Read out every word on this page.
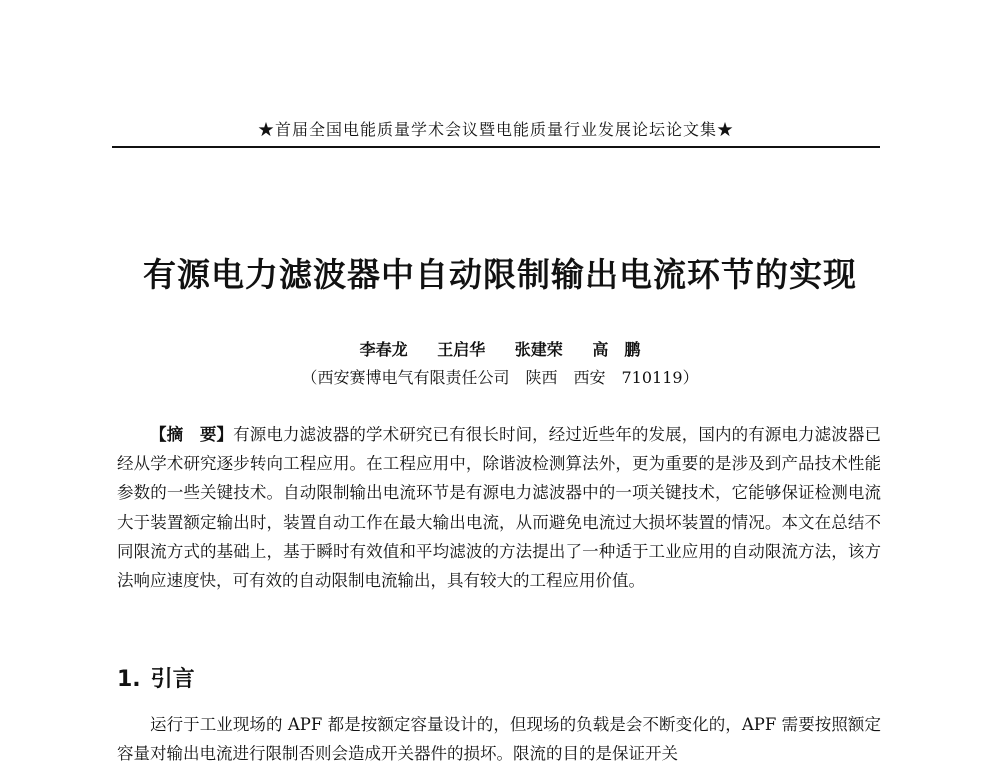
★首届全国电能质量学术会议暨电能质量行业发展论坛论文集★
有源电力滤波器中自动限制输出电流环节的实现
李春龙 王启华 张建荣 高　鹏
（西安赛博电气有限责任公司 陕西 西安 710119）

【摘　要】有源电力滤波器的学术研究已有很长时间，经过近些年的发展，国内的有源电力滤波器已经从学术研究逐步转向工程应用。在工程应用中，除谐波检测算法外，更为重要的是涉及到产品技术性能参数的一些关键技术。自动限制输出电流环节是有源电力滤波器中的一项关键技术，它能够保证检测电流大于装置额定输出时，装置自动工作在最大输出电流，从而避免电流过大损坏装置的情况。本文在总结不同限流方式的基础上，基于瞬时有效值和平均滤波的方法提出了一种适于工业应用的自动限流方法，该方法响应速度快，可有效的自动限制电流输出，具有较大的工程应用价值。

1. 引言

运行于工业现场的 APF 都是按额定容量设计的，但现场的负载是会不断变化的，APF 需要按照额定容量对输出电流进行限制否则会造成开关器件的损坏。限流的目的是保证开关
